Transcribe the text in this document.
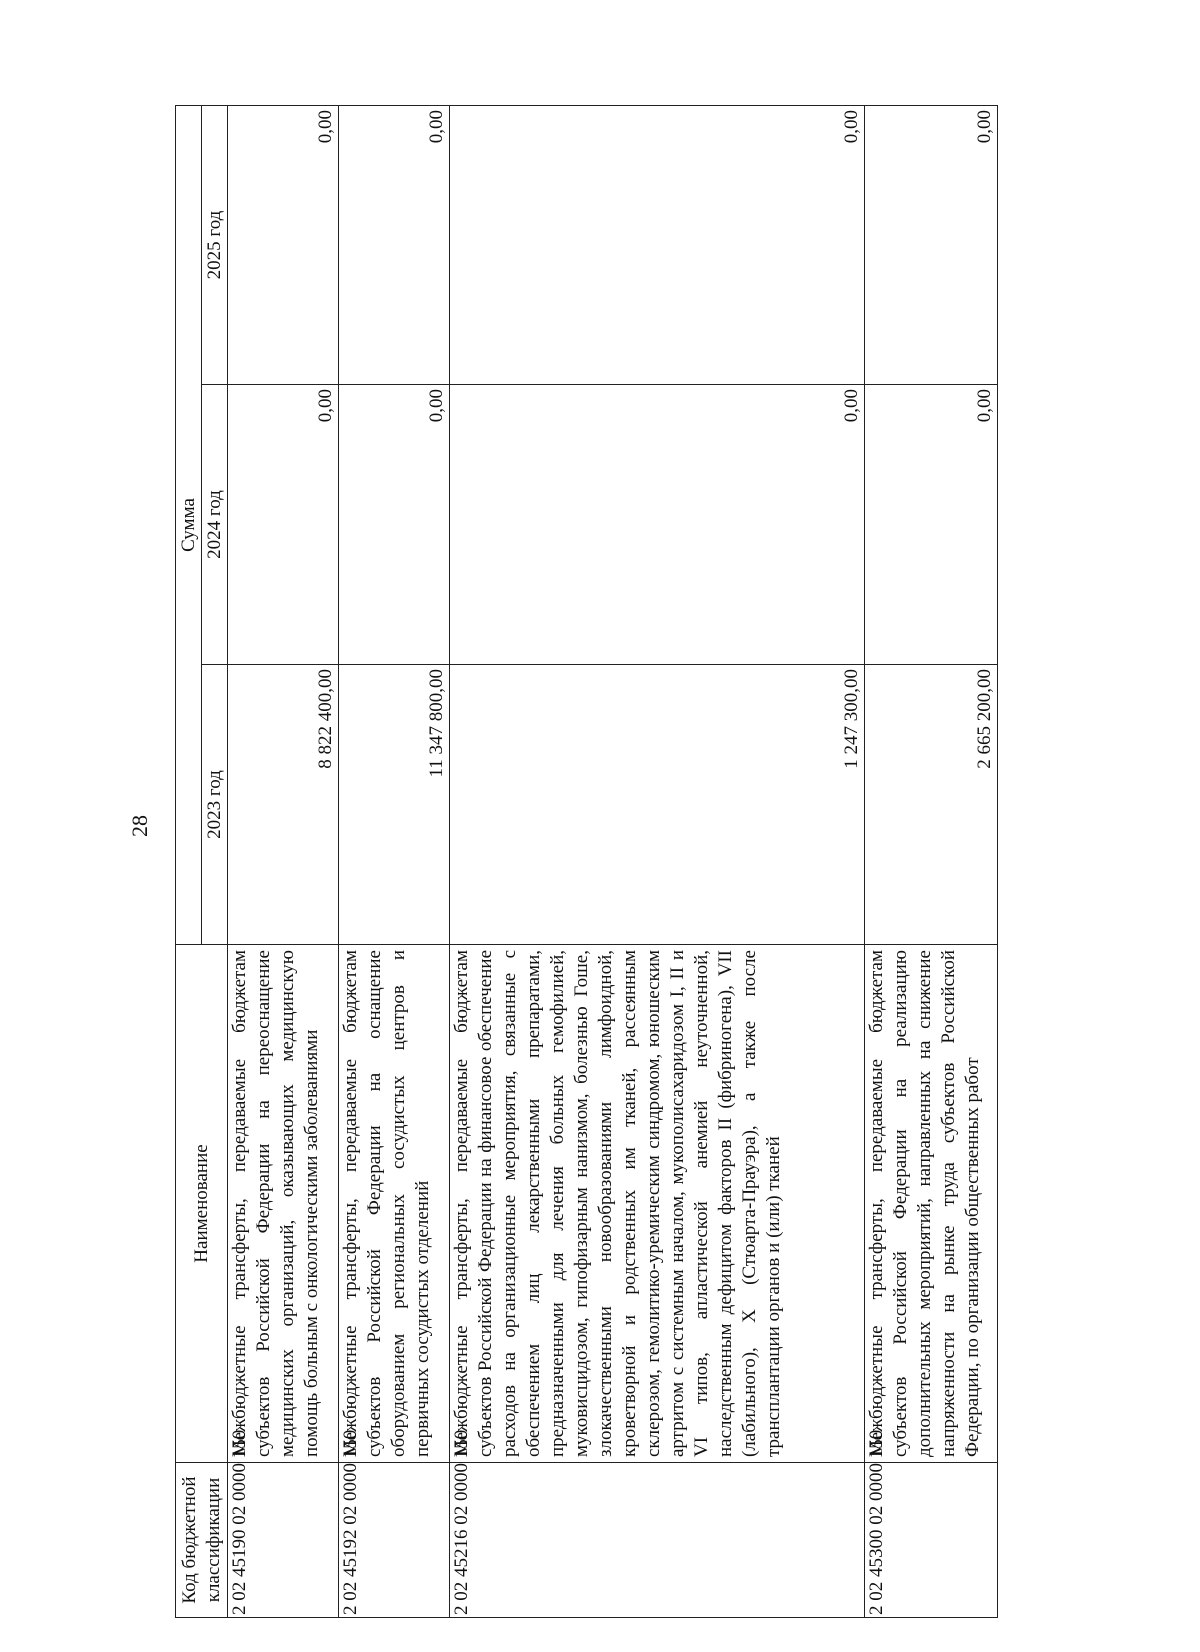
28
Код бюджетной классификации	Наименование	Сумма		
		2023 год	2024 год	2025 год
2 02 45190 02 0000 150	Межбюджетные трансферты, передаваемые бюджетам субъектов Российской Федерации на переоснащение медицинских организаций, оказывающих медицинскую помощь больным с онкологическими заболеваниями	8 822 400,00	0,00	0,00
2 02 45192 02 0000 150	Межбюджетные трансферты, передаваемые бюджетам субъектов Российской Федерации на оснащение оборудованием региональных сосудистых центров и первичных сосудистых отделений	11 347 800,00	0,00	0,00
2 02 45216 02 0000 150	Межбюджетные трансферты, передаваемые бюджетам субъектов Российской Федерации на финансовое обеспечение расходов на организационные мероприятия, связанные с обеспечением лиц лекарственными препаратами, предназначенными для лечения больных гемофилией, муковисцидозом, гипофизарным нанизмом, болезнью Гоше, злокачественными новообразованиями лимфоидной, кроветворной и родственных им тканей, рассеянным склерозом, гемолитико-уремическим синдромом, юношеским артритом с системным началом, мукополисахаридозом I, II и VI типов, апластической анемией неуточненной, наследственным дефицитом факторов II (фибриногена), VII (лабильного), X (Стюарта-Прауэра), а также после трансплантации органов и (или) тканей	1 247 300,00	0,00	0,00
2 02 45300 02 0000 150	Межбюджетные трансферты, передаваемые бюджетам субъектов Российской Федерации на реализацию дополнительных мероприятий, направленных на снижение напряженности на рынке труда субъектов Российской Федерации, по организации общественных работ	2 665 200,00	0,00	0,00
